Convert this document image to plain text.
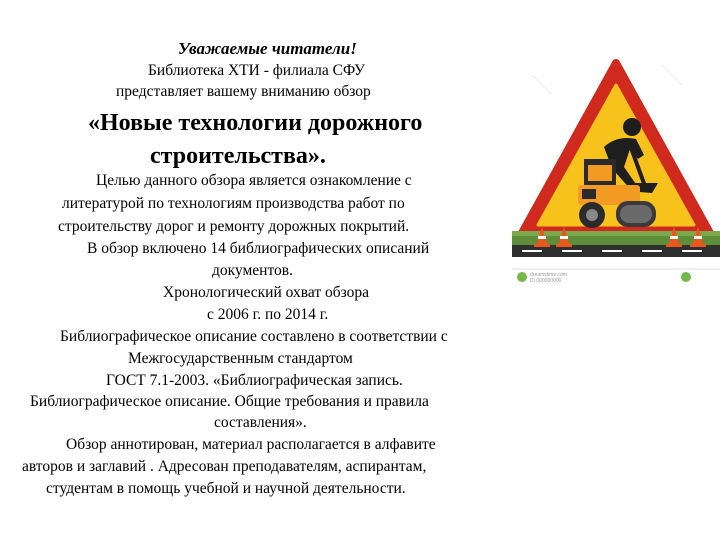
Уважаемые читатели!
Библиотека ХТИ - филиала СФУ
представляет вашему вниманию обзор
«Новые технологии дорожного
строительства».
Целью данного обзора является ознакомление с
литературой по технологиям производства работ по
строительству дорог и ремонту дорожных покрытий.
В обзор включено 14 библиографических описаний
документов.
Хронологический охват обзора
с 2006 г. по 2014 г.
Библиографическое описание составлено в соответствии с
Межгосударственным стандартом
ГОСТ 7.1-2003. «Библиографическая запись.
Библиографическое описание. Общие требования и правила
составления».
Обзор аннотирован, материал располагается в алфавите
авторов и заглавий . Адресован преподавателям, аспирантам,
студентам в помощь учебной и научной деятельности.
dreamstime.com
ID 000000000
